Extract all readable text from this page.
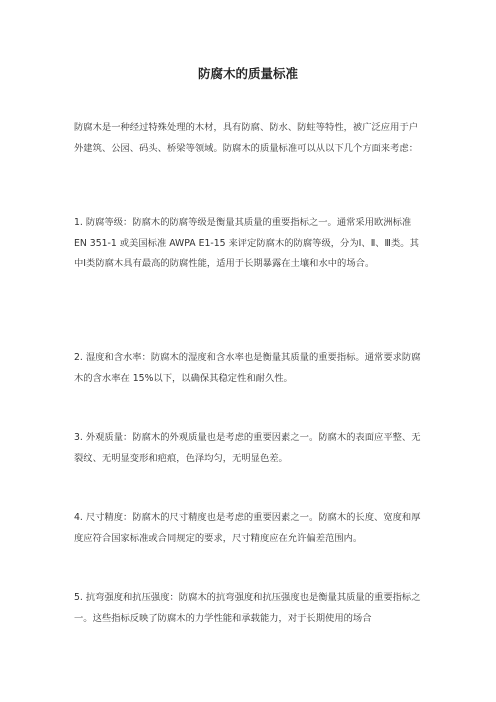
防腐木的质量标准

防腐木是一种经过特殊处理的木材，具有防腐、防水、防蛀等特性，被广泛应用于户外建筑、公园、码头、桥梁等领域。防腐木的质量标准可以从以下几个方面来考虑：

1. 防腐等级：防腐木的防腐等级是衡量其质量的重要指标之一。通常采用欧洲标准 EN 351-1 或美国标准 AWPA E1-15 来评定防腐木的防腐等级，分为Ⅰ、Ⅱ、Ⅲ类。其中Ⅰ类防腐木具有最高的防腐性能，适用于长期暴露在土壤和水中的场合。

2. 湿度和含水率：防腐木的湿度和含水率也是衡量其质量的重要指标。通常要求防腐木的含水率在 15%以下，以确保其稳定性和耐久性。

3. 外观质量：防腐木的外观质量也是考虑的重要因素之一。防腐木的表面应平整、无裂纹、无明显变形和疤痕，色泽均匀，无明显色差。

4. 尺寸精度：防腐木的尺寸精度也是考虑的重要因素之一。防腐木的长度、宽度和厚度应符合国家标准或合同规定的要求，尺寸精度应在允许偏差范围内。

5. 抗弯强度和抗压强度：防腐木的抗弯强度和抗压强度也是衡量其质量的重要指标之一。这些指标反映了防腐木的力学性能和承载能力，对于长期使用的场合
